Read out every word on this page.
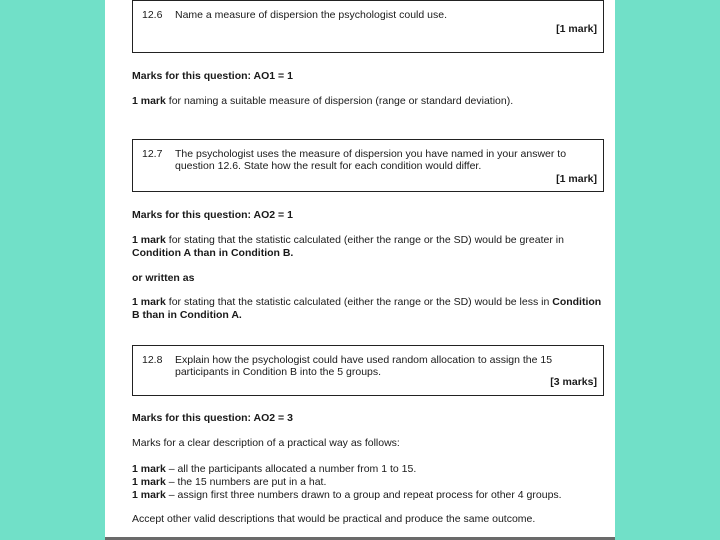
12.6 Name a measure of dispersion the psychologist could use.
[1 mark]
Marks for this question: AO1 = 1
1 mark for naming a suitable measure of dispersion (range or standard deviation).
12.7 The psychologist uses the measure of dispersion you have named in your answer to question 12.6. State how the result for each condition would differ.
[1 mark]
Marks for this question: AO2 = 1
1 mark for stating that the statistic calculated (either the range or the SD) would be greater in Condition A than in Condition B.
or written as
1 mark for stating that the statistic calculated (either the range or the SD) would be less in Condition B than in Condition A.
12.8 Explain how the psychologist could have used random allocation to assign the 15 participants in Condition B into the 5 groups.
[3 marks]
Marks for this question: AO2 = 3
Marks for a clear description of a practical way as follows:
1 mark – all the participants allocated a number from 1 to 15.
1 mark – the 15 numbers are put in a hat.
1 mark – assign first three numbers drawn to a group and repeat process for other 4 groups.
Accept other valid descriptions that would be practical and produce the same outcome.
